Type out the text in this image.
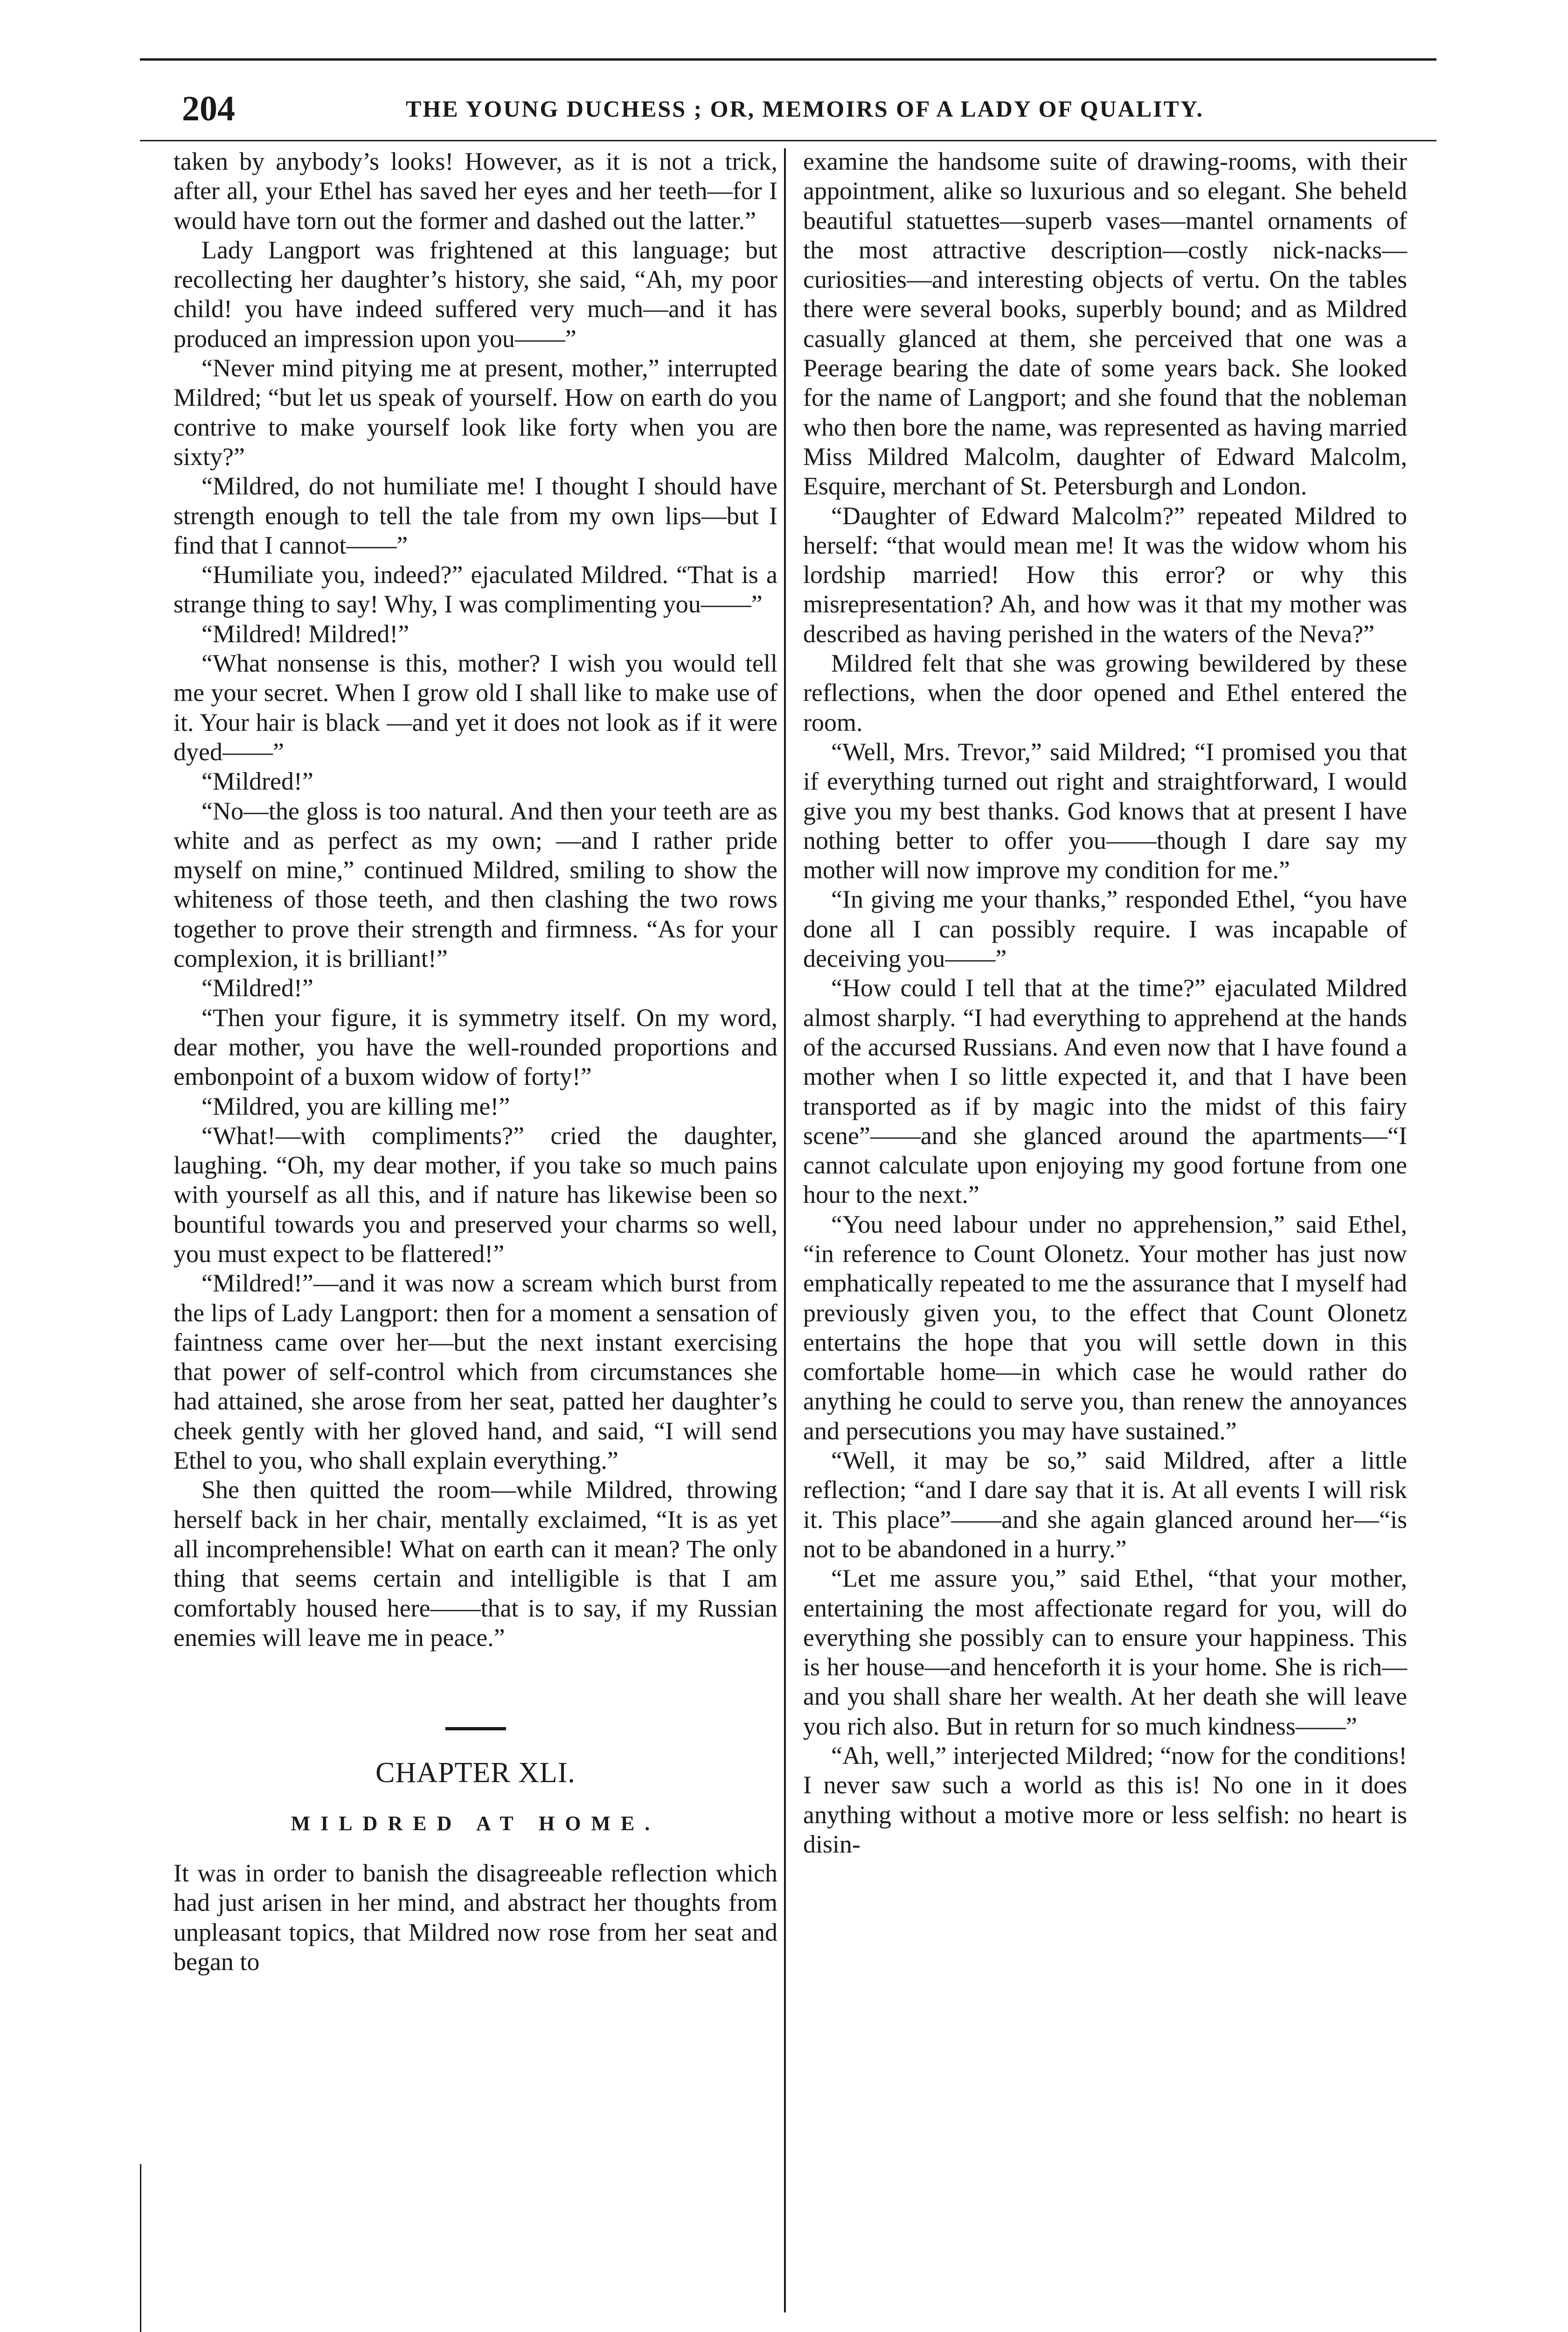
204	THE YOUNG DUCHESS ; OR, MEMOIRS OF A LADY OF QUALITY.

taken by anybody’s looks! However, as it is not a trick, after all, your Ethel has saved her eyes and her teeth—for I would have torn out the former and dashed out the latter.”

Lady Langport was frightened at this language; but recollecting her daughter’s history, she said, “Ah, my poor child! you have indeed suffered very much—and it has produced an impression upon you——”

“Never mind pitying me at present, mother,” interrupted Mildred; “but let us speak of yourself. How on earth do you contrive to make yourself look like forty when you are sixty?”

“Mildred, do not humiliate me! I thought I should have strength enough to tell the tale from my own lips—but I find that I cannot——”

“Humiliate you, indeed?” ejaculated Mildred. “That is a strange thing to say! Why, I was complimenting you——”

“Mildred! Mildred!”

“What nonsense is this, mother? I wish you would tell me your secret. When I grow old I shall like to make use of it. Your hair is black —and yet it does not look as if it were dyed——”

“Mildred!”

“No—the gloss is too natural. And then your teeth are as white and as perfect as my own; —and I rather pride myself on mine,” continued Mildred, smiling to show the whiteness of those teeth, and then clashing the two rows together to prove their strength and firmness. “As for your complexion, it is brilliant!”

“Mildred!”

“Then your figure, it is symmetry itself. On my word, dear mother, you have the well-rounded proportions and embonpoint of a buxom widow of forty!”

“Mildred, you are killing me!”

“What!—with compliments?” cried the daughter, laughing. “Oh, my dear mother, if you take so much pains with yourself as all this, and if nature has likewise been so bountiful towards you and preserved your charms so well, you must expect to be flattered!”

“Mildred!”—and it was now a scream which burst from the lips of Lady Langport: then for a moment a sensation of faintness came over her—but the next instant exercising that power of self-control which from circumstances she had attained, she arose from her seat, patted her daughter’s cheek gently with her gloved hand, and said, “I will send Ethel to you, who shall explain everything.”

She then quitted the room—while Mildred, throwing herself back in her chair, mentally exclaimed, “It is as yet all incomprehensible! What on earth can it mean? The only thing that seems certain and intelligible is that I am comfortably housed here——that is to say, if my Russian enemies will leave me in peace.”

CHAPTER XLI.
MILDRED AT HOME.

It was in order to banish the disagreeable reflection which had just arisen in her mind, and abstract her thoughts from unpleasant topics, that Mildred now rose from her seat and began to

examine the handsome suite of drawing-rooms, with their appointment, alike so luxurious and so elegant. She beheld beautiful statuettes—superb vases—mantel ornaments of the most attractive description—costly nick-nacks—curiosities—and interesting objects of vertu. On the tables there were several books, superbly bound; and as Mildred casually glanced at them, she perceived that one was a Peerage bearing the date of some years back. She looked for the name of Langport; and she found that the nobleman who then bore the name, was represented as having married Miss Mildred Malcolm, daughter of Edward Malcolm, Esquire, merchant of St. Petersburgh and London.

“Daughter of Edward Malcolm?” repeated Mildred to herself: “that would mean me! It was the widow whom his lordship married! How this error? or why this misrepresentation? Ah, and how was it that my mother was described as having perished in the waters of the Neva?”

Mildred felt that she was growing bewildered by these reflections, when the door opened and Ethel entered the room.

“Well, Mrs. Trevor,” said Mildred; “I promised you that if everything turned out right and straightforward, I would give you my best thanks. God knows that at present I have nothing better to offer you——though I dare say my mother will now improve my condition for me.”

“In giving me your thanks,” responded Ethel, “you have done all I can possibly require. I was incapable of deceiving you——”

“How could I tell that at the time?” ejaculated Mildred almost sharply. “I had everything to apprehend at the hands of the accursed Russians. And even now that I have found a mother when I so little expected it, and that I have been transported as if by magic into the midst of this fairy scene”——and she glanced around the apartments—“I cannot calculate upon enjoying my good fortune from one hour to the next.”

“You need labour under no apprehension,” said Ethel, “in reference to Count Olonetz. Your mother has just now emphatically repeated to me the assurance that I myself had previously given you, to the effect that Count Olonetz entertains the hope that you will settle down in this comfortable home—in which case he would rather do anything he could to serve you, than renew the annoyances and persecutions you may have sustained.”

“Well, it may be so,” said Mildred, after a little reflection; “and I dare say that it is. At all events I will risk it. This place”——and she again glanced around her—“is not to be abandoned in a hurry.”

“Let me assure you,” said Ethel, “that your mother, entertaining the most affectionate regard for you, will do everything she possibly can to ensure your happiness. This is her house—and henceforth it is your home. She is rich—and you shall share her wealth. At her death she will leave you rich also. But in return for so much kindness——”

“Ah, well,” interjected Mildred; “now for the conditions! I never saw such a world as this is! No one in it does anything without a motive more or less selfish: no heart is disin-
